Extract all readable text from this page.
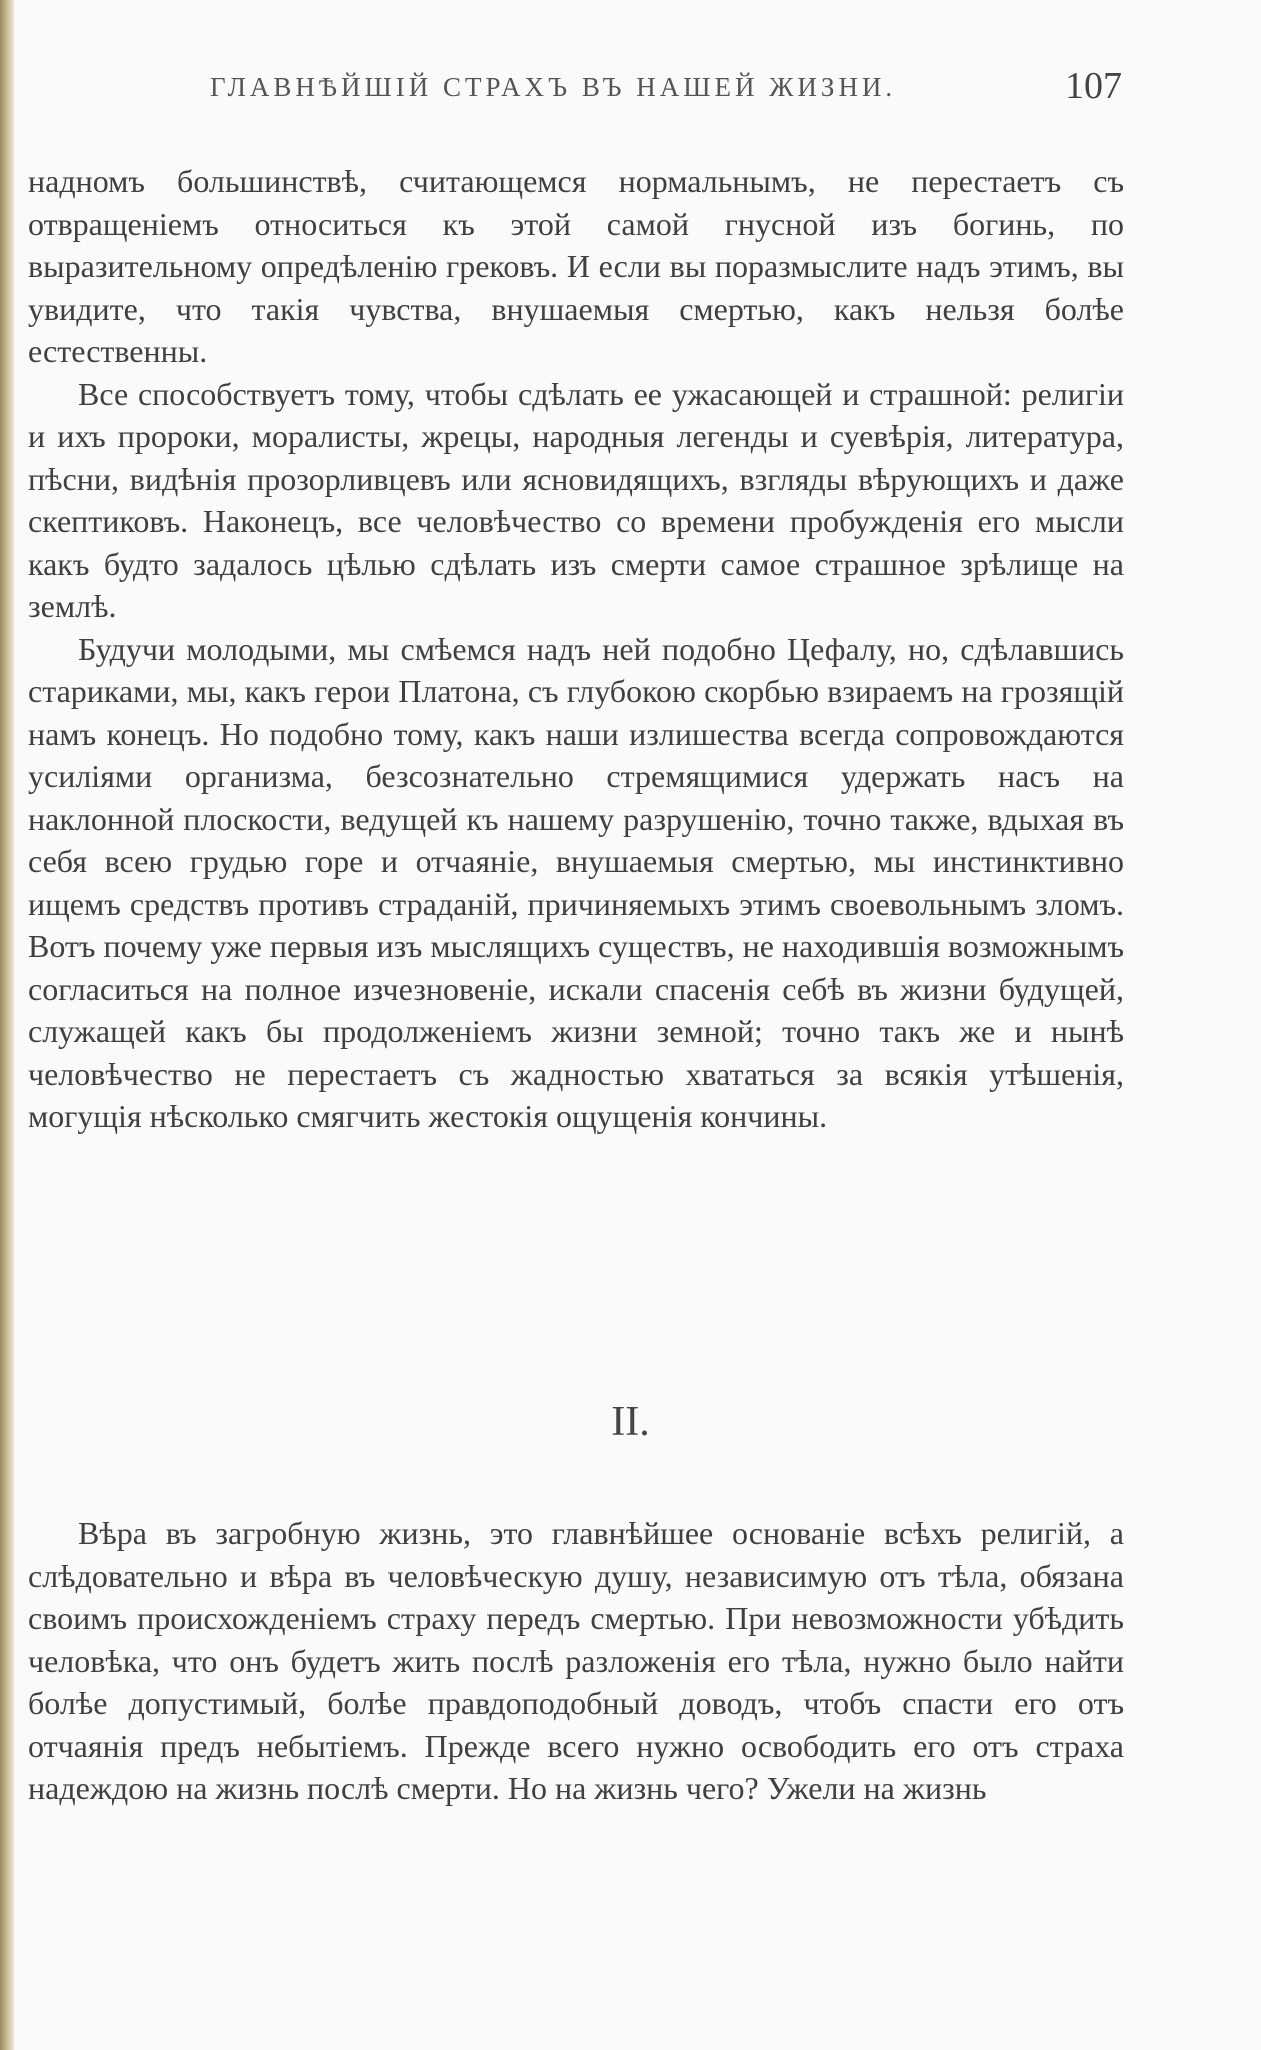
ГЛАВНѢЙШІЙ СТРАХЪ ВЪ НАШЕЙ ЖИЗНИ.	107

надномъ большинствѣ, считающемся нормальнымъ, не перестаетъ съ отвращеніемъ относиться къ этой самой гнусной изъ богинь, по выразительному опредѣленію грековъ. И если вы поразмыслите надъ этимъ, вы увидите, что такія чувства, внушаемыя смертью, какъ нельзя болѣе естественны.

Все способствуетъ тому, чтобы сдѣлать ее ужасающей и страшной: религіи и ихъ пророки, моралисты, жрецы, народныя легенды и суевѣрія, литература, пѣсни, видѣнія прозорливцевъ или ясновидящихъ, взгляды вѣрующихъ и даже скептиковъ. Наконецъ, все человѣчество со времени пробужденія его мысли какъ будто задалось цѣлью сдѣлать изъ смерти самое страшное зрѣлище на землѣ.

Будучи молодыми, мы смѣемся надъ ней подобно Цефалу, но, сдѣлавшись стариками, мы, какъ герои Платона, съ глубокою скорбью взираемъ на грозящій намъ конецъ. Но подобно тому, какъ наши излишества всегда сопровождаются усиліями организма, безсознательно стремящимися удержать насъ на наклонной плоскости, ведущей къ нашему разрушенію, точно также, вдыхая въ себя всею грудью горе и отчаяніе, внушаемыя смертью, мы инстинктивно ищемъ средствъ противъ страданій, причиняемыхъ этимъ своевольнымъ зломъ. Вотъ почему уже первыя изъ мыслящихъ существъ, не находившія возможнымъ согласиться на полное изчезновеніе, искали спасенія себѣ въ жизни будущей, служащей какъ бы продолженіемъ жизни земной; точно такъ же и нынѣ человѣчество не перестаетъ съ жадностью хвататься за всякія утѣшенія, могущія нѣсколько смягчить жестокія ощущенія кончины.

II.

Вѣра въ загробную жизнь, это главнѣйшее основаніе всѣхъ религій, а слѣдовательно и вѣра въ человѣческую душу, независимую отъ тѣла, обязана своимъ происхожденіемъ страху передъ смертью. При невозможности убѣдить человѣка, что онъ будетъ жить послѣ разложенія его тѣла, нужно было найти болѣе допустимый, болѣе правдоподобный доводъ, чтобъ спасти его отъ отчаянія предъ небытіемъ. Прежде всего нужно освободить его отъ страха надеждою на жизнь послѣ смерти. Но на жизнь чего? Ужели на жизнь
